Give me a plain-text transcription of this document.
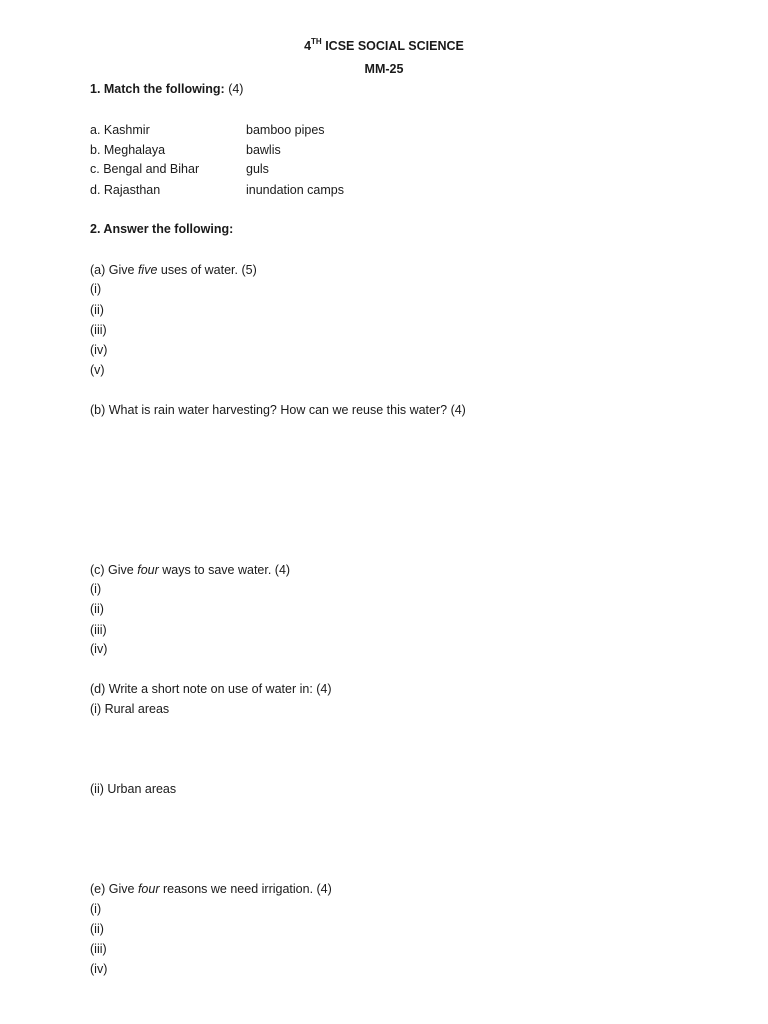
4TH ICSE SOCIAL SCIENCE
MM-25
1. Match the following: (4)
a. Kashmir	bamboo pipes
b. Meghalaya	bawlis
c. Bengal and Bihar	guls
d. Rajasthan	inundation camps
2. Answer the following:
(a) Give five uses of water. (5)
(i)
(ii)
(iii)
(iv)
(v)
(b) What is rain water harvesting? How can we reuse this water? (4)
(c) Give four ways to save water. (4)
(i)
(ii)
(iii)
(iv)
(d) Write a short note on use of water in: (4)
(i) Rural areas
(ii) Urban areas
(e) Give four reasons we need irrigation. (4)
(i)
(ii)
(iii)
(iv)
